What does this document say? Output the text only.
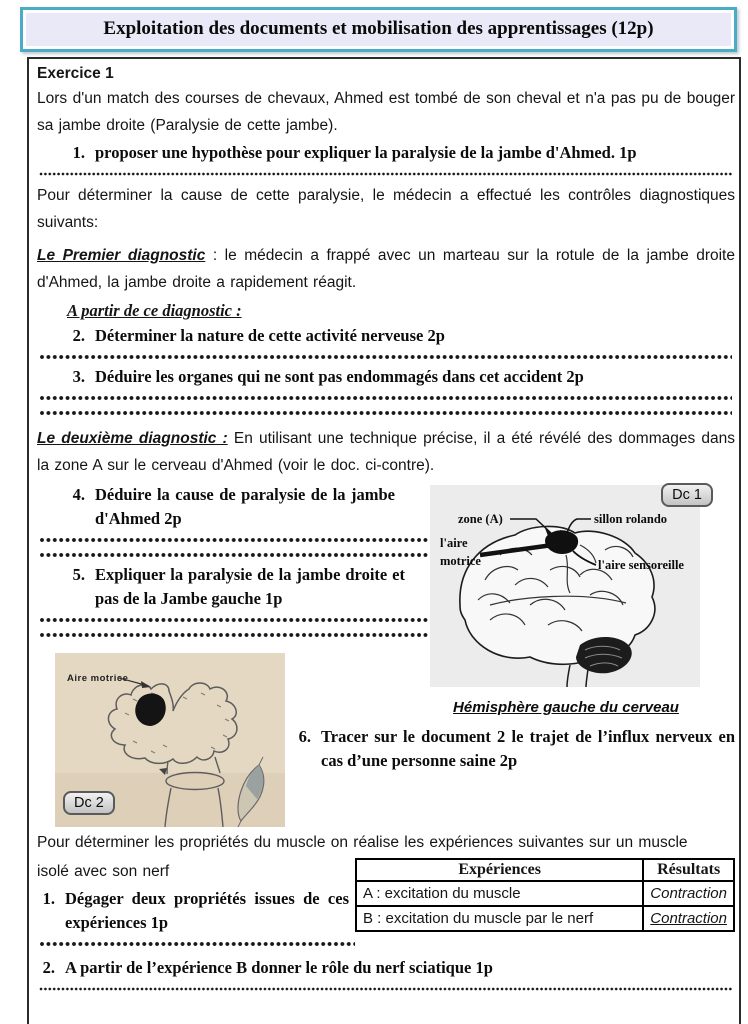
Exploitation des documents et mobilisation des apprentissages (12p)
Exercice 1

Lors d'un match des courses de chevaux, Ahmed est tombé de son cheval et n'a pas pu de bouger sa jambe droite (Paralysie de cette jambe).

1. proposer une hypothèse pour expliquer la paralysie de la jambe d'Ahmed. 1p

Pour déterminer la cause de cette paralysie, le médecin a effectué les contrôles diagnostiques suivants:

Le Premier diagnostic : le médecin a frappé avec un marteau sur la rotule de la jambe droite d'Ahmed, la jambe droite a rapidement réagit.

A partir de ce diagnostic :
2. Déterminer la nature de cette activité nerveuse 2p
3. Déduire les organes qui ne sont pas endommagés dans cet accident 2p

Le deuxième diagnostic : En utilisant une technique précise, il a été révélé des dommages dans la zone A sur le cerveau d'Ahmed (voir le doc. ci-contre).

4. Déduire la cause de paralysie de la jambe d'Ahmed 2p
5. Expliquer la paralysie de la jambe droite et pas de la Jambe gauche 1p
zone (A)	sillon rolando
l'aire
motrice	l'aire sensoreille
Dc 1
Hémisphère gauche du cerveau
Aire motrice
Dc 2
6. Tracer sur le document 2 le trajet de l’influx nerveux en cas d’une personne saine 2p

Pour déterminer les propriétés du muscle on réalise les expériences suivantes sur un muscle

isolé avec son nerf

1. Dégager deux propriétés issues de ces expériences 1p
Expériences	Résultats
A : excitation du muscle	Contraction
B : excitation du muscle par le nerf	Contraction
2. A partir de l’expérience B donner le rôle du nerf sciatique 1p
